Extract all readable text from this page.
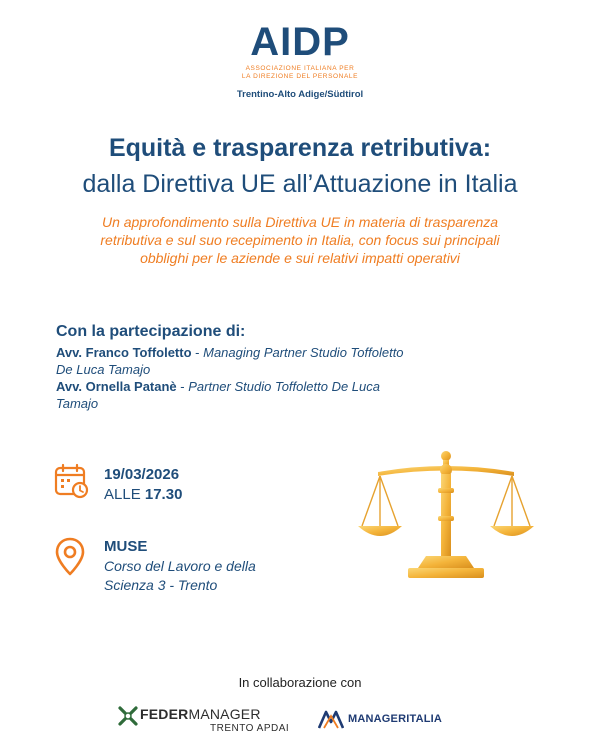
AIDP
ASSOCIAZIONE ITALIANA PER
LA DIREZIONE DEL PERSONALE
Trentino-Alto Adige/Südtirol
Equità e trasparenza retributiva:
dalla Direttiva UE all’Attuazione in Italia
Un approfondimento sulla Direttiva UE in materia di trasparenza retributiva e sul suo recepimento in Italia, con focus sui principali obblighi per le aziende e sui relativi impatti operativi
Con la partecipazione di:
Avv. Franco Toffoletto - Managing Partner Studio Toffoletto De Luca Tamajo
Avv. Ornella Patanè - Partner Studio Toffoletto De Luca Tamajo
19/03/2026
ALLE 17.30
MUSE
Corso del Lavoro e della Scienza 3 - Trento
In collaborazione con
FEDERMANAGER
TRENTO APDAI
MANAGERITALIA
